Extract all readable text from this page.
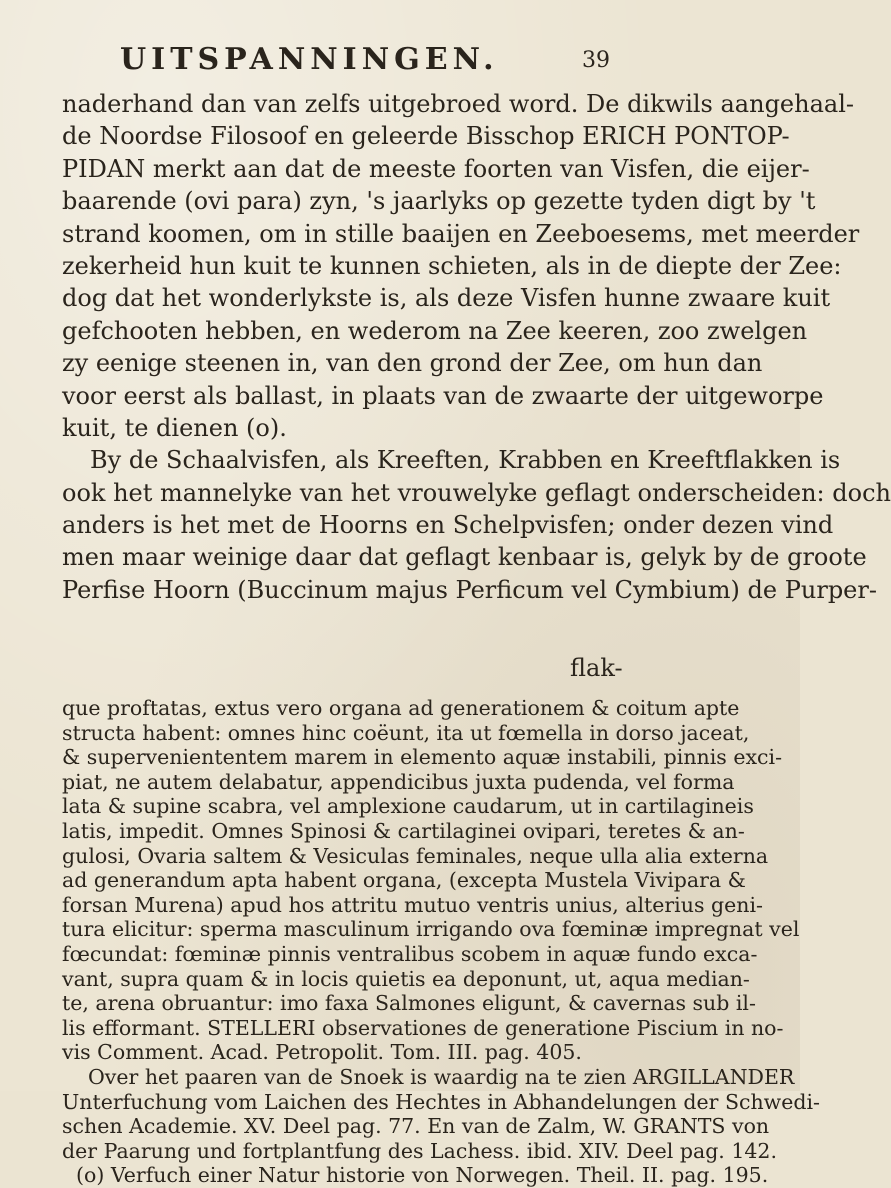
UITSPANNINGEN.	39
naderhand dan van zelfs uitgebroed word. De dikwils aangehaal-
de Noordse Filosoof en geleerde Bisschop ERICH PONTOP-
PIDAN merkt aan dat de meeste foorten van Visfen, die eijer-
baarende (ovi para) zyn, 's jaarlyks op gezette tyden digt by 't
strand koomen, om in stille baaijen en Zeeboesems, met meerder
zekerheid hun kuit te kunnen schieten, als in de diepte der Zee:
dog dat het wonderlykste is, als deze Visfen hunne zwaare kuit
gefchooten hebben, en wederom na Zee keeren, zoo zwelgen
zy eenige steenen in, van den grond der Zee, om hun dan
voor eerst als ballast, in plaats van de zwaarte der uitgeworpe
kuit, te dienen (o).
By de Schaalvisfen, als Kreeften, Krabben en Kreeftflakken is
ook het mannelyke van het vrouwelyke geflagt onderscheiden: doch
anders is het met de Hoorns en Schelpvisfen; onder dezen vind
men maar weinige daar dat geflagt kenbaar is, gelyk by de groote
Perfise Hoorn (Buccinum majus Perficum vel Cymbium) de Purper-
flak-
que proftatas, extus vero organa ad generationem & coitum apte
structa habent: omnes hinc coëunt, ita ut fœmella in dorso jaceat,
& superveniententem marem in elemento aquæ instabili, pinnis exci-
piat, ne autem delabatur, appendicibus juxta pudenda, vel forma
lata & supine scabra, vel amplexione caudarum, ut in cartilagineis
latis, impedit. Omnes Spinosi & cartilaginei ovipari, teretes & an-
gulosi, Ovaria saltem & Vesiculas feminales, neque ulla alia externa
ad generandum apta habent organa, (excepta Mustela Vivipara &
forsan Murena) apud hos attritu mutuo ventris unius, alterius geni-
tura elicitur: sperma masculinum irrigando ova fœminæ impregnat vel
fœcundat: fœminæ pinnis ventralibus scobem in aquæ fundo exca-
vant, supra quam & in locis quietis ea deponunt, ut, aqua median-
te, arena obruantur: imo faxa Salmones eligunt, & cavernas sub il-
lis efformant. STELLERI observationes de generatione Piscium in no-
vis Comment. Acad. Petropolit. Tom. III. pag. 405.
Over het paaren van de Snoek is waardig na te zien ARGILLANDER
Unterfuchung vom Laichen des Hechtes in Abhandelungen der Schwedi-
schen Academie. XV. Deel pag. 77. En van de Zalm, W. GRANTS von
der Paarung und fortplantfung des Lachess. ibid. XIV. Deel pag. 142.
(o) Verfuch einer Natur historie von Norwegen. Theil. II. pag. 195.
